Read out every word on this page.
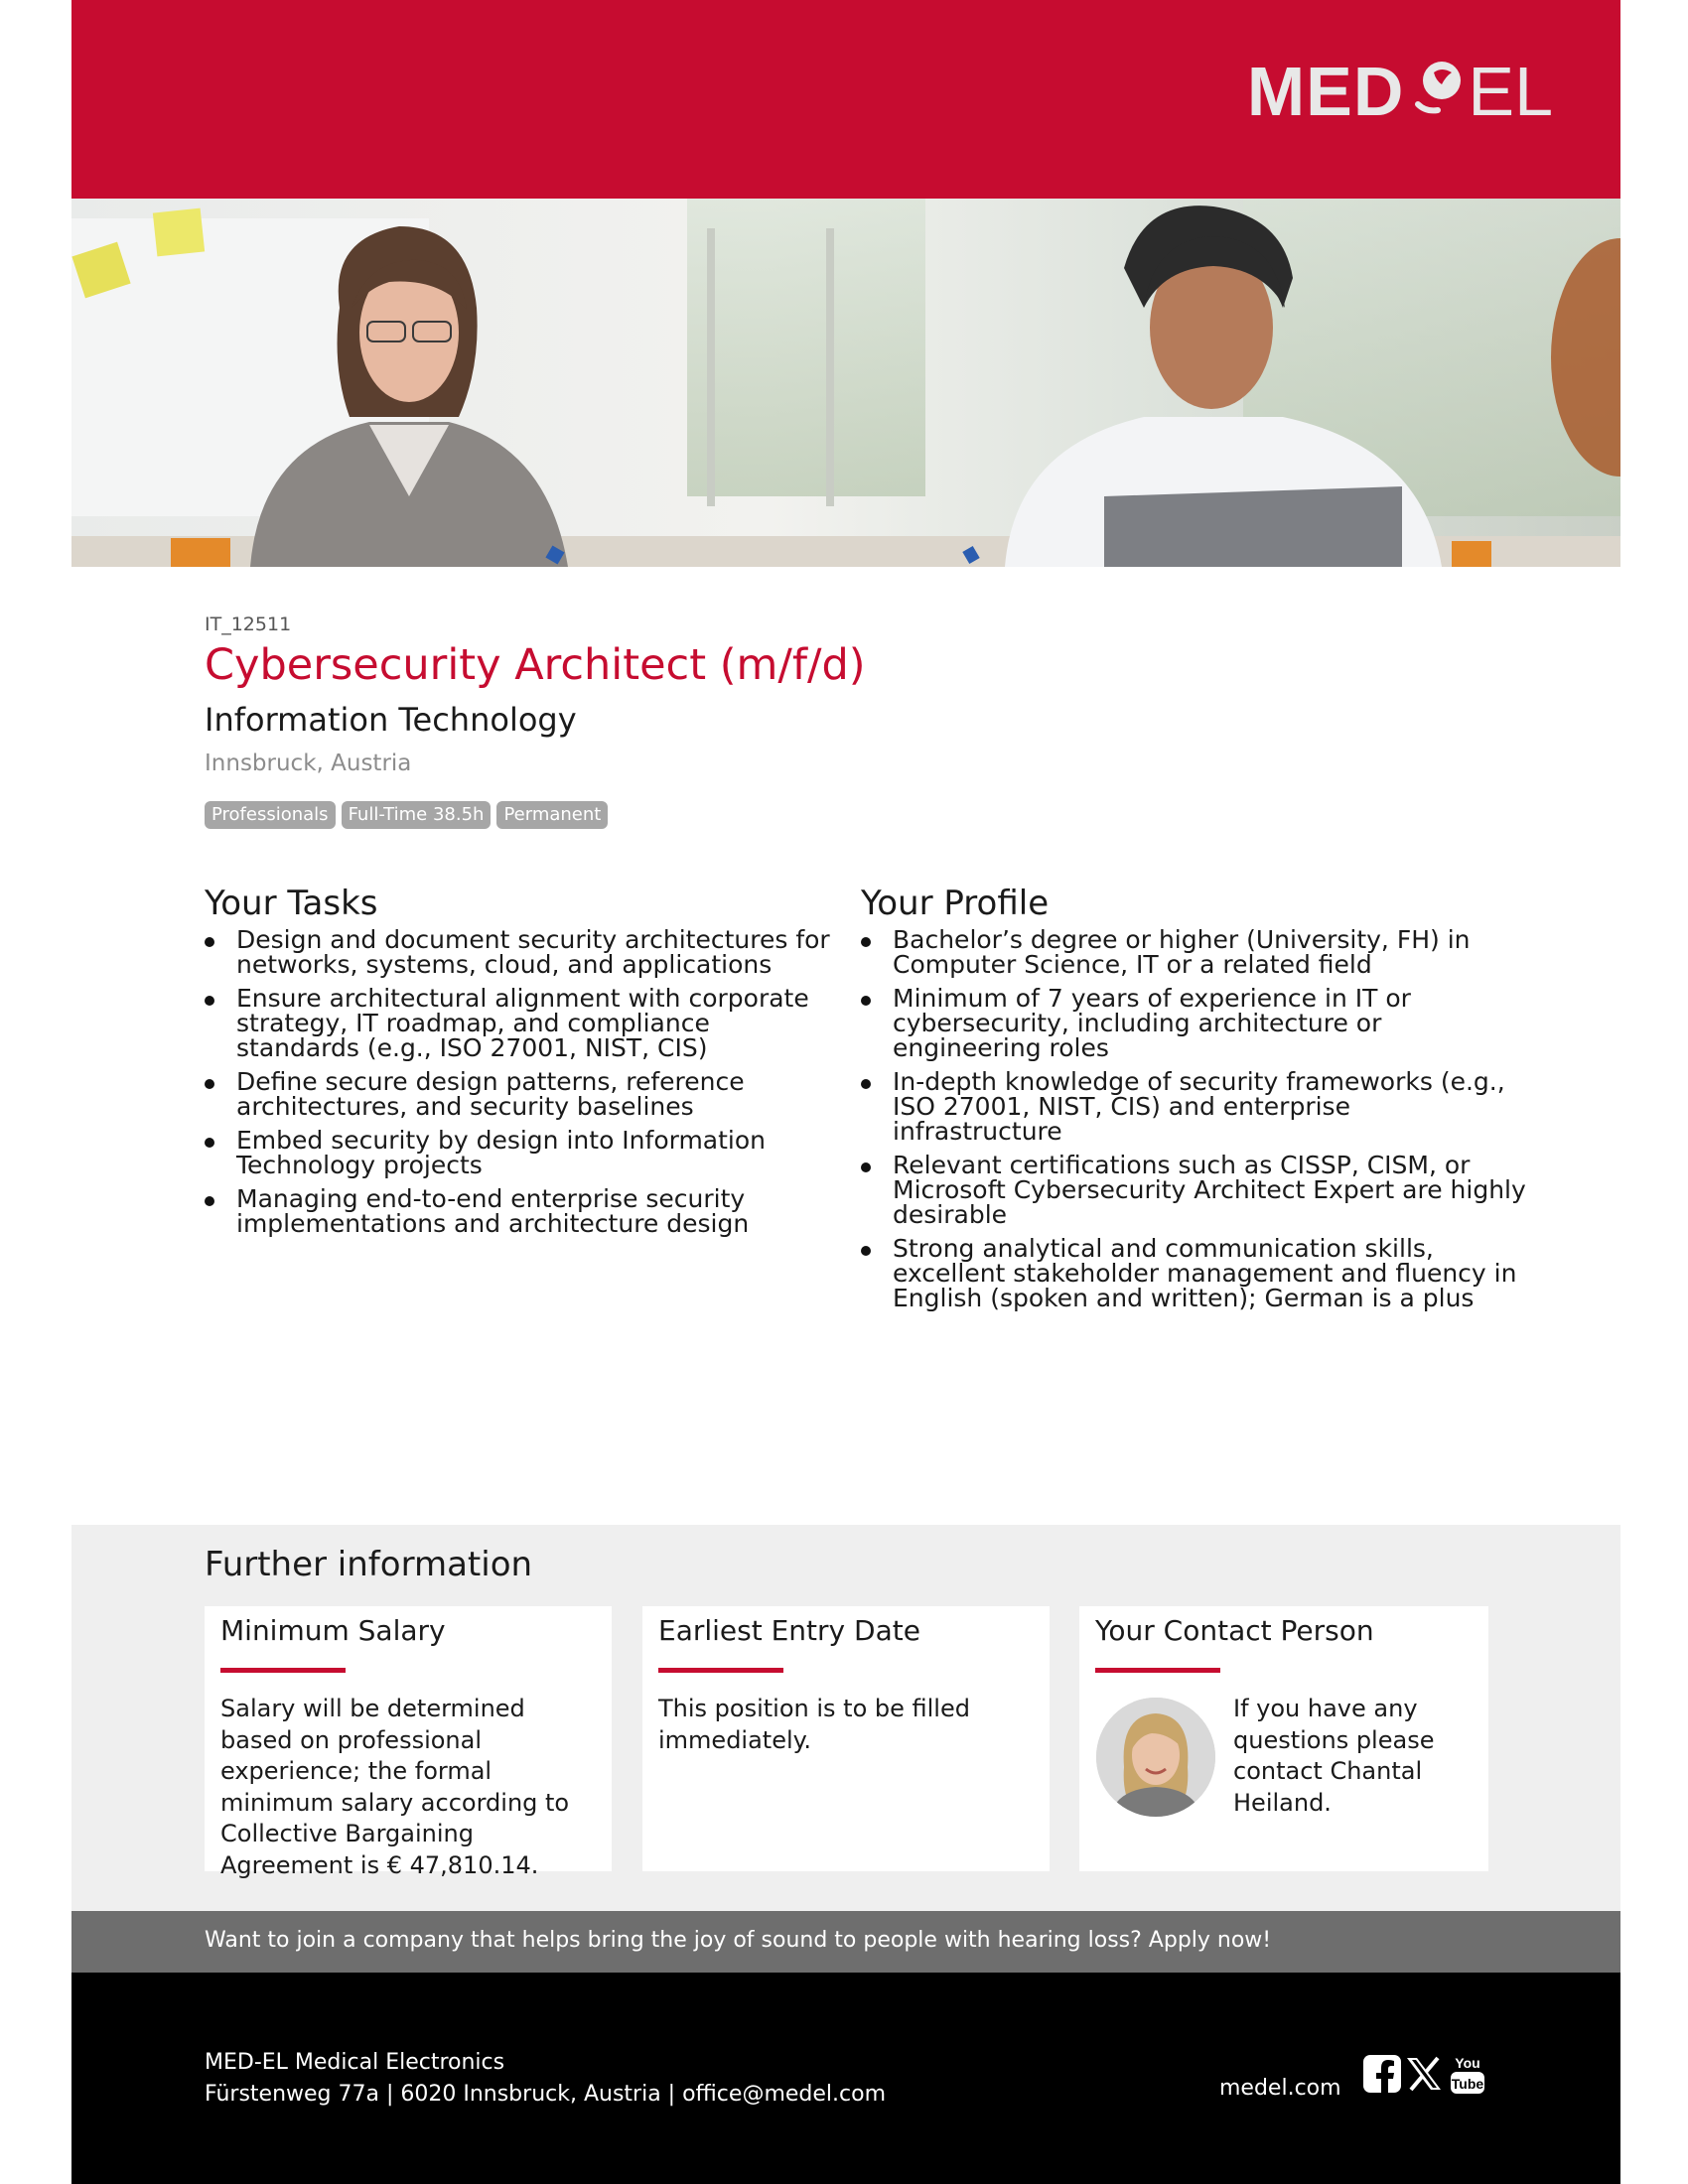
MED EL
IT_12511
Cybersecurity Architect (m/f/d)
Information Technology
Innsbruck, Austria
Professionals	Full-Time 38.5h	Permanent
Your Tasks
Design and document security architectures for networks, systems, cloud, and applications
Ensure architectural alignment with corporate strategy, IT roadmap, and compliance standards (e.g., ISO 27001, NIST, CIS)
Define secure design patterns, reference architectures, and security baselines
Embed security by design into Information Technology projects
Managing end-to-end enterprise security implementations and architecture design
Your Profile
Bachelor’s degree or higher (University, FH) in Computer Science, IT or a related field
Minimum of 7 years of experience in IT or cybersecurity, including architecture or engineering roles
In-depth knowledge of security frameworks (e.g., ISO 27001, NIST, CIS) and enterprise infrastructure
Relevant certifications such as CISSP, CISM, or Microsoft Cybersecurity Architect Expert are highly desirable
Strong analytical and communication skills, excellent stakeholder management and fluency in English (spoken and written); German is a plus
Further information
Minimum Salary
Salary will be determined based on professional experience; the formal minimum salary according to Collective Bargaining Agreement is € 47,810.14.
Earliest Entry Date
This position is to be filled immediately.
Your Contact Person
If you have any questions please contact Chantal Heiland.
Want to join a company that helps bring the joy of sound to people with hearing loss? Apply now!
MED-EL Medical Electronics
Fürstenweg 77a | 6020 Innsbruck, Austria | office@medel.com	medel.com
You
Tube
